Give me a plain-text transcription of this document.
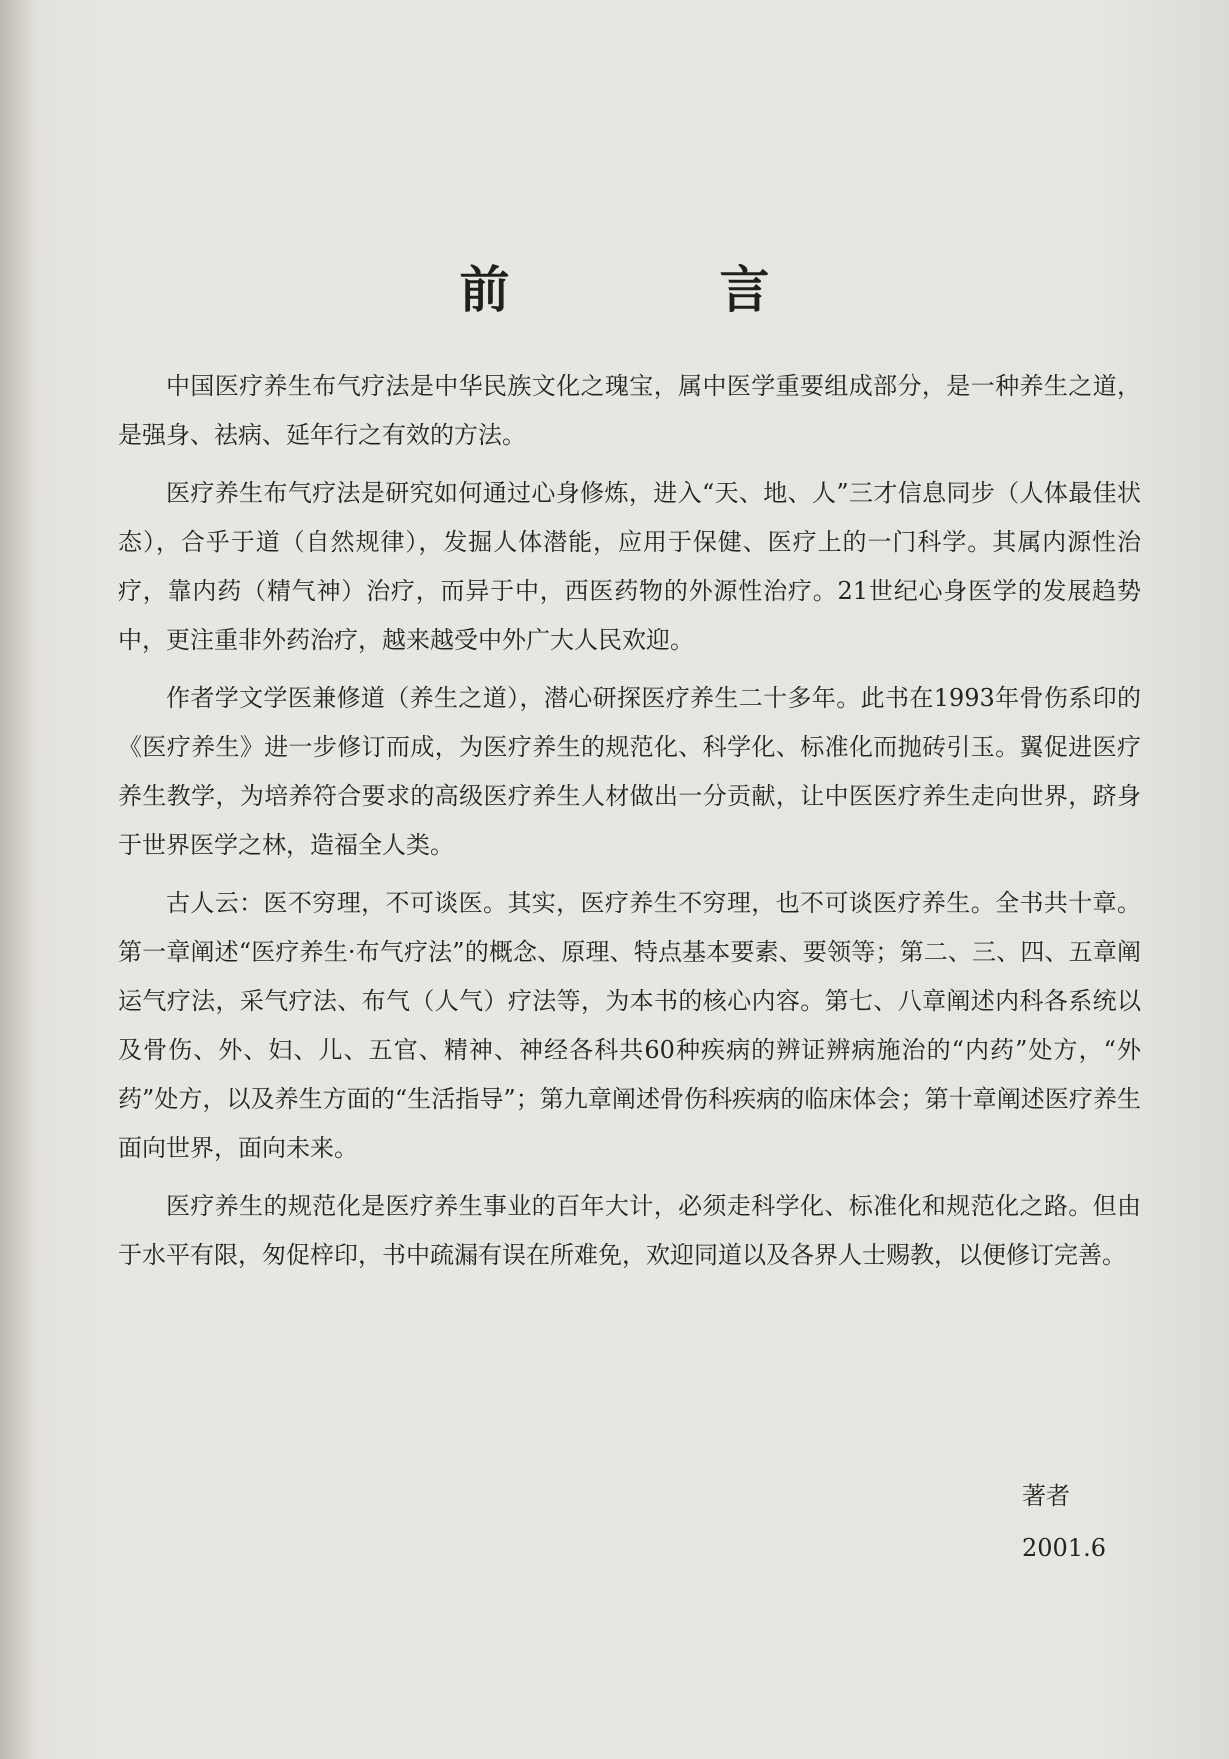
前　言

中国医疗养生布气疗法是中华民族文化之瑰宝，属中医学重要组成部分，是一种养生之道，是强身、祛病、延年行之有效的方法。

医疗养生布气疗法是研究如何通过心身修炼，进入“天、地、人”三才信息同步（人体最佳状态），合乎于道（自然规律），发掘人体潜能，应用于保健、医疗上的一门科学。其属内源性治疗，靠内药（精气神）治疗，而异于中，西医药物的外源性治疗。21世纪心身医学的发展趋势中，更注重非外药治疗，越来越受中外广大人民欢迎。

作者学文学医兼修道（养生之道），潜心研探医疗养生二十多年。此书在1993年骨伤系印的《医疗养生》进一步修订而成，为医疗养生的规范化、科学化、标准化而抛砖引玉。翼促进医疗养生教学，为培养符合要求的高级医疗养生人材做出一分贡献，让中医医疗养生走向世界，跻身于世界医学之林，造福全人类。

古人云：医不穷理，不可谈医。其实，医疗养生不穷理，也不可谈医疗养生。全书共十章。第一章阐述“医疗养生·布气疗法”的概念、原理、特点基本要素、要领等；第二、三、四、五章阐运气疗法，采气疗法、布气（人气）疗法等，为本书的核心内容。第七、八章阐述内科各系统以及骨伤、外、妇、儿、五官、精神、神经各科共60种疾病的辨证辨病施治的“内药”处方，“外药”处方，以及养生方面的“生活指导”；第九章阐述骨伤科疾病的临床体会；第十章阐述医疗养生面向世界，面向未来。

医疗养生的规范化是医疗养生事业的百年大计，必须走科学化、标准化和规范化之路。但由于水平有限，匆促梓印，书中疏漏有误在所难免，欢迎同道以及各界人士赐教，以便修订完善。

著者
2001.6
